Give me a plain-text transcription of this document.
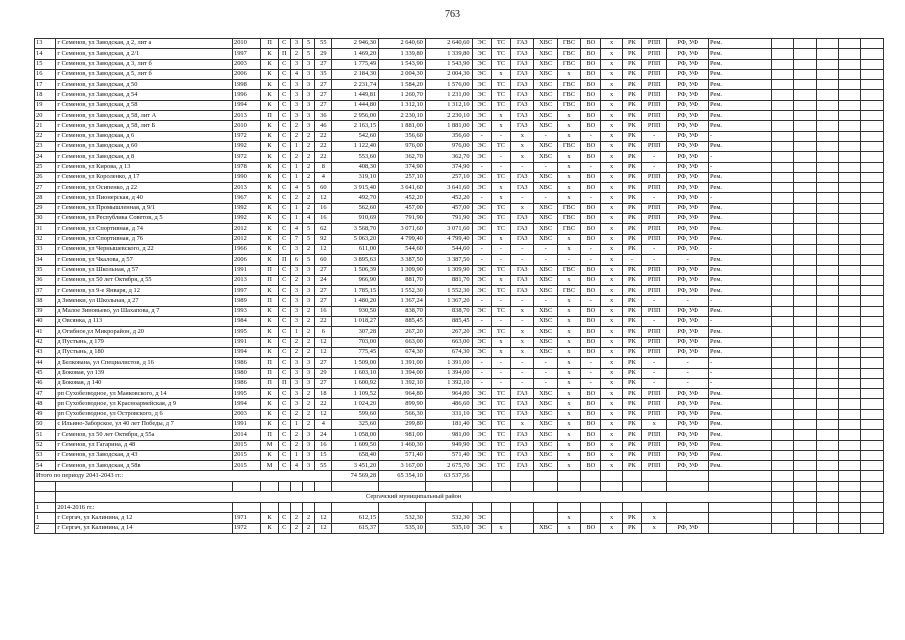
763
13	г Семенов, ул Заводская, д 2, лит а	2010	П	С	3	5	55	2 946,30	2 640,60	2 640,60	ЭС	ТС	ГАЗ	ХВС	ГВС	ВО	х	РК	РПП	РФ, УФ	Рем.					
14	г Семенов, ул Заводская, д 2/1	1997	К	П	2	5	29	1 469,20	1 339,80	1 339,80	ЭС	ТС	ГАЗ	ХВС	ГВС	ВО	х	РК	РПП	РФ, УФ	Рем.					
15	г Семенов, ул Заводская, д 3, лит б	2003	К	С	3	3	27	1 775,49	1 543,90	1 543,90	ЭС	ТС	ГАЗ	ХВС	ГВС	ВО	х	РК	РПП	РФ, УФ	Рем.					
16	г Семенов, ул Заводская, д 5, лит б	2006	К	С	4	3	35	2 184,30	2 004,30	2 004,30	ЭС	х	ГАЗ	ХВС	х	ВО	х	РК	РПП	РФ, УФ	Рем.					
17	г Семенов, ул Заводская, д 50	1998	К	С	3	3	27	2 231,74	1 584,20	1 576,00	ЭС	ТС	ГАЗ	ХВС	ГВС	ВО	х	РК	РПП	РФ, УФ	Рем.					
18	г Семенов, ул Заводская, д 54	1996	К	С	3	3	27	1 449,81	1 260,70	1 231,00	ЭС	ТС	ГАЗ	ХВС	ГВС	ВО	х	РК	РПП	РФ, УФ	Рем.					
19	г Семенов, ул Заводская, д 58	1994	К	С	3	3	27	1 444,80	1 312,10	1 312,10	ЭС	ТС	ГАЗ	ХВС	ГВС	ВО	х	РК	РПП	РФ, УФ	Рем.					
20	г Семенов, ул Заводская, д 58, лит А	2013	П	С	3	3	36	2 956,00	2 230,10	2 230,10	ЭС	х	ГАЗ	ХВС	х	ВО	х	РК	РПП	РФ, УФ	Рем.					
21	г Семенов, ул Заводская, д 58, лит Б	2010	К	С	2	3	46	2 163,15	1 881,00	1 881,00	ЭС	х	ГАЗ	ХВС	х	ВО	х	РК	РПП	РФ, УФ	Рем.					
22	г Семенов, ул Заводская, д 6	1972	К	С	2	2	22	542,60	356,60	356,60	-	-	х	-	х	-	х	РК	-	РФ, УФ	-					
23	г Семенов, ул Заводская, д 60	1992	К	С	1	2	22	1 122,40	976,00	976,00	ЭС	ТС	х	ХВС	ГВС	ВО	х	РК	РПП	РФ, УФ	Рем.					
24	г Семенов, ул Заводская, д 8	1972	К	С	2	2	22	553,60	362,70	362,70	ЭС	-	х	ХВС	х	ВО	х	РК	-	РФ, УФ	-					
25	г Семенов, ул Кирова, д 13	1978	К	С	1	2	8	408,30	374,90	374,90	-	-	-	-	х	-	х	РК	-	РФ, УФ	-					
26	г Семенов, ул Короленко, д 17	1990	К	С	1	2	4	319,10	257,10	257,10	ЭС	ТС	ГАЗ	ХВС	х	ВО	х	РК	РПП	РФ, УФ	Рем.					
27	г Семенов, ул Осипенко, д 22	2013	К	С	4	5	60	3 915,40	3 641,60	3 641,60	ЭС	х	ГАЗ	ХВС	х	ВО	х	РК	РПП	РФ, УФ	Рем.					
28	г Семенов, ул Пионерская, д 40	1967	К	С	2	2	12	492,70	452,20	452,20	-	х	-	-	х	-	х	РК	-	РФ, УФ	-					
29	г Семенов, ул Промышленная, д 9/1	1992	К	С	1	2	16	562,60	457,00	457,00	ЭС	ТС	х	ХВС	ГВС	ВО	х	РК	РПП	РФ, УФ	Рем.					
30	г Семенов, ул Республика Советов, д 5	1992	К	С	1	4	16	910,69	791,90	791,90	ЭС	ТС	ГАЗ	ХВС	ГВС	ВО	х	РК	РПП	РФ, УФ	Рем.					
31	г Семенов, ул Спортивная, д 74	2012	К	С	4	5	62	3 568,70	3 071,60	3 071,60	ЭС	ТС	ГАЗ	ХВС	ГВС	ВО	х	РК	РПП	РФ, УФ	Рем.					
32	г Семенов, ул Спортивная, д 76	2012	К	С	7	5	92	5 063,20	4 799,40	4 799,40	ЭС	х	ГАЗ	ХВС	х	ВО	х	РК	РПП	РФ, УФ	Рем.					
33	г Семенов, ул Чернышевского, д 22	1966	К	С	3	2	12	611,00	544,60	544,60	-	-	-	-	х	-	х	РК	-	РФ, УФ	-					
34	г Семенов, ул Чкалова, д 57	2006	К	П	6	5	60	3 895,63	3 387,50	3 387,50	-	-	-	-	-	-	х	-	-	-	Рем.					
35	г Семенов, ул Школьная, д 57	1991	П	С	3	3	27	1 506,39	1 309,90	1 309,90	ЭС	ТС	ГАЗ	ХВС	ГВС	ВО	х	РК	РПП	РФ, УФ	Рем.					
36	г Семенов, ул 50 лет Октября, д 55	2013	П	С	2	3	24	966,90	881,70	881,70	ЭС	х	ГАЗ	ХВС	х	ВО	х	РК	РПП	РФ, УФ	Рем.					
37	г Семенов, ул 9-е Января, д 12	1997	К	С	3	3	27	1 785,15	1 552,30	1 552,30	ЭС	ТС	ГАЗ	ХВС	ГВС	ВО	х	РК	РПП	РФ, УФ	Рем.					
38	д Зименки, ул Школьная, д 27	1989	П	С	3	3	27	1 480,20	1 367,24	1 367,20	-	-	-	-	х	-	х	РК	-	-	-					
39	д Малое Зиновьево, ул Шахапова, д 7	1993	К	С	3	2	16	930,50	838,70	838,70	ЭС	ТС	х	ХВС	х	ВО	х	РК	РПП	РФ, УФ	Рем.					
40	д Овсянка, д 113	1984	К	С	3	2	22	1 018,27	885,45	885,45	-	-	-	ХВС	х	ВО	х	РК	-	РФ, УФ	-					
41	д Огибное,ул Микрорайон, д 20	1995	К	С	1	2	6	307,28	267,20	267,20	ЭС	ТС	х	ХВС	х	ВО	х	РК	РПП	РФ, УФ	Рем.					
42	д Пустынь, д 179	1991	К	С	2	2	12	703,00	663,00	663,00	ЭС	х	х	ХВС	х	ВО	х	РК	РПП	РФ, УФ	Рем.					
43	д Пустынь, д 180	1994	К	С	2	2	12	775,45	674,30	674,30	ЭС	х	х	ХВС	х	ВО	х	РК	РПП	РФ, УФ	Рем.					
44	д Белкована, ул Специалистов, д 16	1986	П	С	3	3	27	1 509,00	1 391,00	1 391,00	-	-	-	-	х	-	х	РК	-	-	-					
45	д Боковая, ул 139	1980	П	С	3	3	29	1 603,10	1 394,00	1 394,00	-	-	-	-	х	-	х	РК	-	-	-					
46	д Боковая, д 140	1986	П	П	3	3	27	1 600,92	1 392,10	1 392,10	-	-	-	-	х	-	х	РК	-	-	-					
47	рп Сухобезводное, ул Маяковского, д 14	1995	К	С	3	2	18	1 109,52	964,80	964,80	ЭС	ТС	ГАЗ	ХВС	х	ВО	х	РК	РПП	РФ, УФ	Рем.					
48	рп Сухобезводное, ул Красноармейская, д 9	1994	К	С	3	2	22	1 024,20	899,90	486,60	ЭС	ТС	ГАЗ	ХВС	х	ВО	х	РК	РПП	РФ, УФ	Рем.					
49	рп Сухобезводное, ул Островского, д 6	2003	К	С	2	2	12	599,60	566,30	331,10	ЭС	ТС	ГАЗ	ХВС	х	ВО	х	РК	РПП	РФ, УФ	Рем.					
50	с Ильино-Заборское, ул 40 лет Победы, д 7	1991	К	С	1	2	4	325,60	299,80	181,40	ЭС	ТС	х	ХВС	х	ВО	х	РК	х	РФ, УФ	Рем.					
51	г Семенов, ул 50 лет Октября, д 55а	2014	П	С	2	3	24	1 058,00	981,00	981,00	ЭС	ТС	ГАЗ	ХВС	х	ВО	х	РК	РПП	РФ, УФ	Рем.					
52	г Семенов, ул Гагарина, д 48	2015	М	С	2	3	16	1 609,50	1 460,30	949,90	ЭС	ТС	ГАЗ	ХВС	х	ВО	х	РК	РПП	РФ, УФ	Рем.					
53	г Семенов, ул Заводская, д 43	2015	К	С	1	3	15	658,40	571,40	571,40	ЭС	ТС	ГАЗ	ХВС	х	ВО	х	РК	РПП	РФ, УФ	Рем.					
54	г Семенов, ул Заводская, д 58в	2015	М	С	4	3	55	3 451,20	3 167,00	2 675,70	ЭС	ТС	ГАЗ	ХВС	х	ВО	х	РК	РПП	РФ, УФ	Рем.					
Итого по периоду 2041-2043 гг.:								74 569,28	65 354,10	63 537,56																

	Сергачский муниципальный район																									
1	2014-2016 гг.:																									
1	г Сергач, ул Калинина, д 12	1971	К	С	2	2	12	612,15	532,30	532,30	ЭС				х		х	РК	х							
2	г Сергач, ул Калинина, д 14	1972	К	С	2	2	12	615,37	535,10	535,10	ЭС	х		ХВС	х	ВО	х	РК	х	РФ, УФ						
